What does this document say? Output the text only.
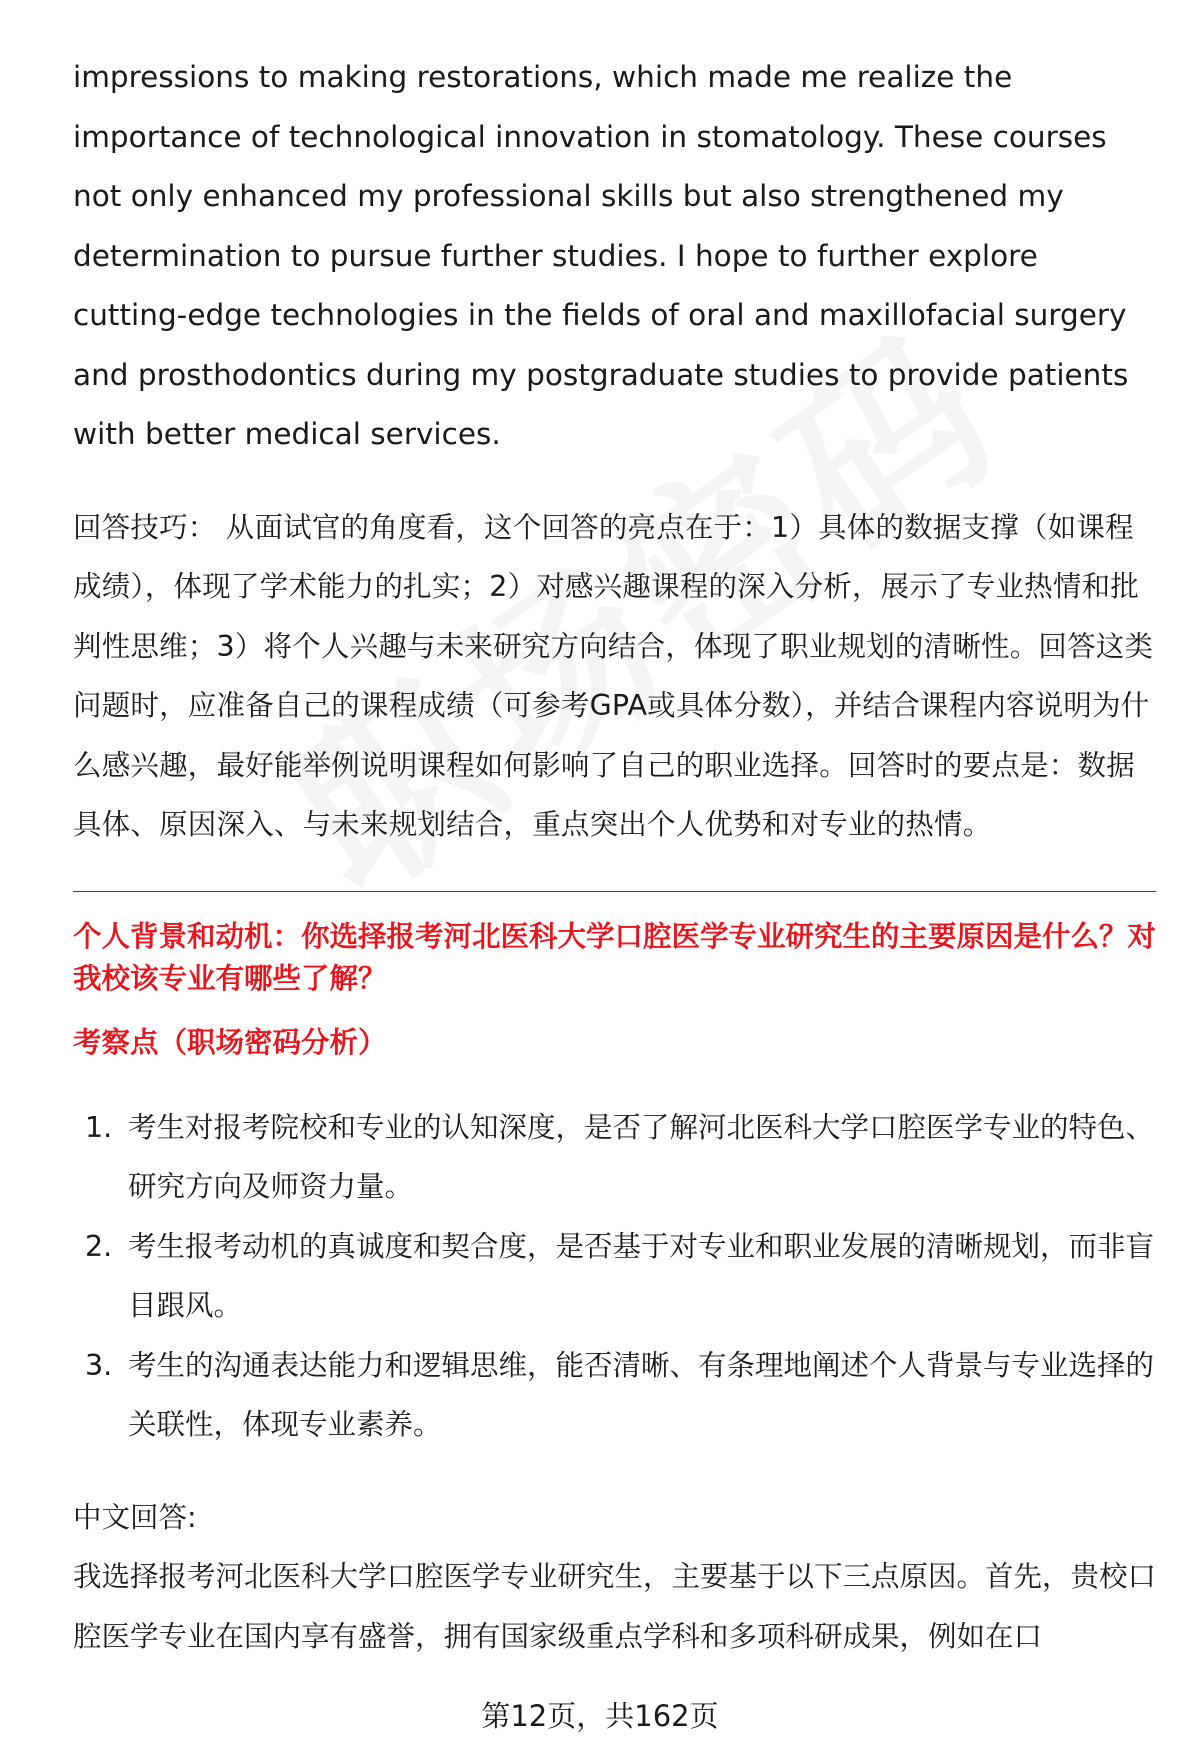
impressions to making restorations, which made me realize the importance of technological innovation in stomatology. These courses not only enhanced my professional skills but also strengthened my determination to pursue further studies. I hope to further explore cutting-edge technologies in the fields of oral and maxillofacial surgery and prosthodontics during my postgraduate studies to provide patients with better medical services.

回答技巧： 从面试官的角度看，这个回答的亮点在于：1）具体的数据支撑（如课程成绩），体现了学术能力的扎实；2）对感兴趣课程的深入分析，展示了专业热情和批判性思维；3）将个人兴趣与未来研究方向结合，体现了职业规划的清晰性。回答这类问题时，应准备自己的课程成绩（可参考GPA或具体分数），并结合课程内容说明为什么感兴趣，最好能举例说明课程如何影响了自己的职业选择。回答时的要点是：数据具体、原因深入、与未来规划结合，重点突出个人优势和对专业的热情。

个人背景和动机：你选择报考河北医科大学口腔医学专业研究生的主要原因是什么？对我校该专业有哪些了解？
考察点（职场密码分析）
1. 考生对报考院校和专业的认知深度，是否了解河北医科大学口腔医学专业的特色、研究方向及师资力量。
2. 考生报考动机的真诚度和契合度，是否基于对专业和职业发展的清晰规划，而非盲目跟风。
3. 考生的沟通表达能力和逻辑思维，能否清晰、有条理地阐述个人背景与专业选择的关联性，体现专业素养。
中文回答:

我选择报考河北医科大学口腔医学专业研究生，主要基于以下三点原因。首先，贵校口腔医学专业在国内享有盛誉，拥有国家级重点学科和多项科研成果，例如在口

第12页，共162页
